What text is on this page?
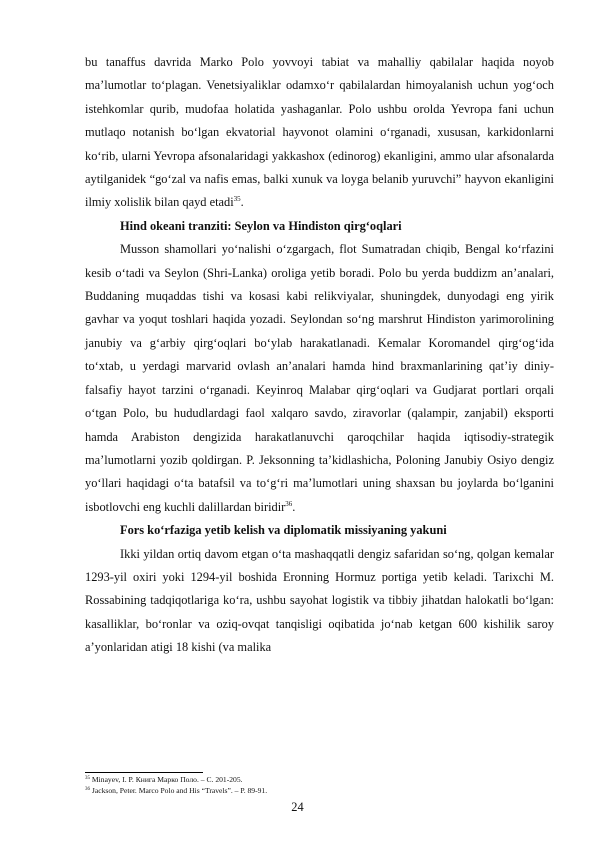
bu tanaffus davrida Marko Polo yovvoyi tabiat va mahalliy qabilalar haqida noyob ma’lumotlar to‘plagan. Venetsiyaliklar odamxo‘r qabilalardan himoyalanish uchun yog‘och istehkomlar qurib, mudofaa holatida yashaganlar. Polo ushbu orolda Yevropa fani uchun mutlaqo notanish bo‘lgan ekvatorial hayvonot olamini o‘rganadi, xususan, karkidonlarni ko‘rib, ularni Yevropa afsonalaridagi yakkashox (edinorog) ekanligini, ammo ular afsonalarda aytilganidek “go‘zal va nafis emas, balki xunuk va loyga belanib yuruvchi” hayvon ekanligini ilmiy xolislik bilan qayd etadi$^{35}$.

Hind okeani tranziti: Seylon va Hindiston qirg‘oqlari

Musson shamollari yo‘nalishi o‘zgargach, flot Sumatradan chiqib, Bengal ko‘rfazini kesib o‘tadi va Seylon (Shri-Lanka) oroliga yetib boradi. Polo bu yerda buddizm an’analari, Buddaning muqaddas tishi va kosasi kabi relikviyalar, shuningdek, dunyodagi eng yirik gavhar va yoqut toshlari haqida yozadi. Seylondan so‘ng marshrut Hindiston yarimorolining janubiy va g‘arbiy qirg‘oqlari bo‘ylab harakatlanadi. Kemalar Koromandel qirg‘og‘ida to‘xtab, u yerdagi marvarid ovlash an’analari hamda hind braxmanlarining qat’iy diniy-falsafiy hayot tarzini o‘rganadi. Keyinroq Malabar qirg‘oqlari va Gudjarat portlari orqali o‘tgan Polo, bu hududlardagi faol xalqaro savdo, ziravorlar (qalampir, zanjabil) eksporti hamda Arabiston dengizida harakatlanuvchi qaroqchilar haqida iqtisodiy-strategik ma’lumotlarni yozib qoldirgan. P. Jeksonning ta’kidlashicha, Poloning Janubiy Osiyo dengiz yo‘llari haqidagi o‘ta batafsil va to‘g‘ri ma’lumotlari uning shaxsan bu joylarda bo‘lganini isbotlovchi eng kuchli dalillardan biridir$^{36}$.

Fors ko‘rfaziga yetib kelish va diplomatik missiyaning yakuni

Ikki yildan ortiq davom etgan o‘ta mashaqqatli dengiz safaridan so‘ng, qolgan kemalar 1293-yil oxiri yoki 1294-yil boshida Eronning Hormuz portiga yetib keladi. Tarixchi M. Rossabining tadqiqotlariga ko‘ra, ushbu sayohat logistik va tibbiy jihatdan halokatli bo‘lgan: kasalliklar, bo‘ronlar va oziq-ovqat tanqisligi oqibatida jo‘nab ketgan 600 kishilik saroy a’yonlaridan atigi 18 kishi (va malika

$^{35}$ Minayev, I. P. Книга Марко Поло. – С. 201-205.

$^{36}$ Jackson, Peter. Marco Polo and His “Travels”. – P. 89-91.

24
